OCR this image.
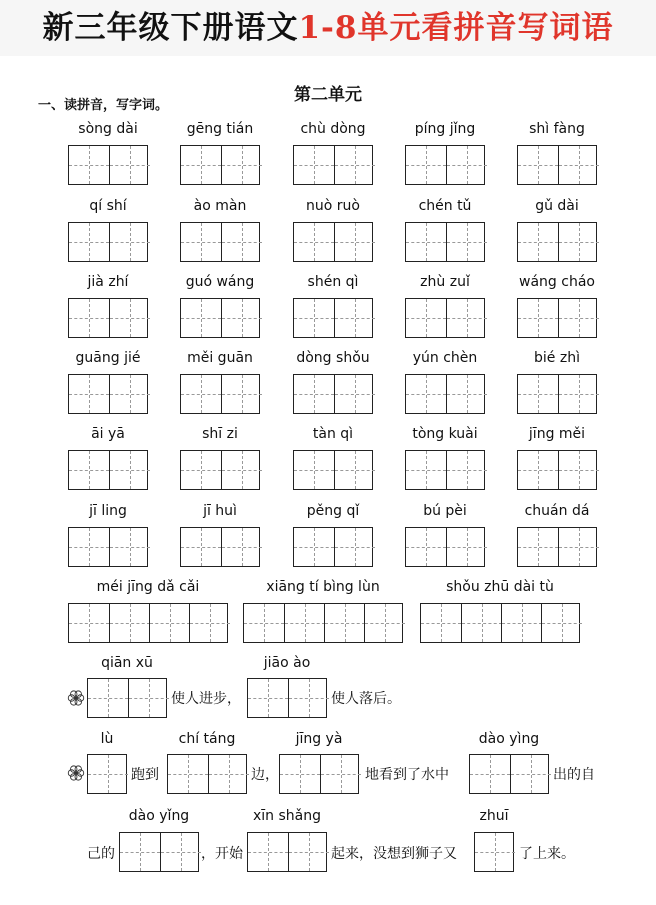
新三年级下册语文1-8单元看拼音写词语
第二单元
一、读拼音，写字词。
sòng dài	gēng tián	chù dòng	píng jǐng	shì fàng
qí shí	ào màn	nuò ruò	chén tǔ	gǔ dài
jià zhí	guó wáng	shén qì	zhù zuǐ	wáng cháo
guāng jié	měi guān	dòng shǒu	yún chèn	bié zhì
āi yā	shī zi	tàn qì	tòng kuài	jīng měi
jī ling	jī huì	pěng qǐ	bú pèi	chuán dá
méi jīng dǎ cǎi	xiāng tí bìng lùn	shǒu zhū dài tù
qiān xū
使人进步，
jiāo ào
使人落后。
lù
跑到
chí táng
边，
jīng yà
地看到了水中
dào yìng
出的自
己的
dào yǐng
，开始
xīn shǎng
起来，没想到狮子又
zhuī
了上来。
